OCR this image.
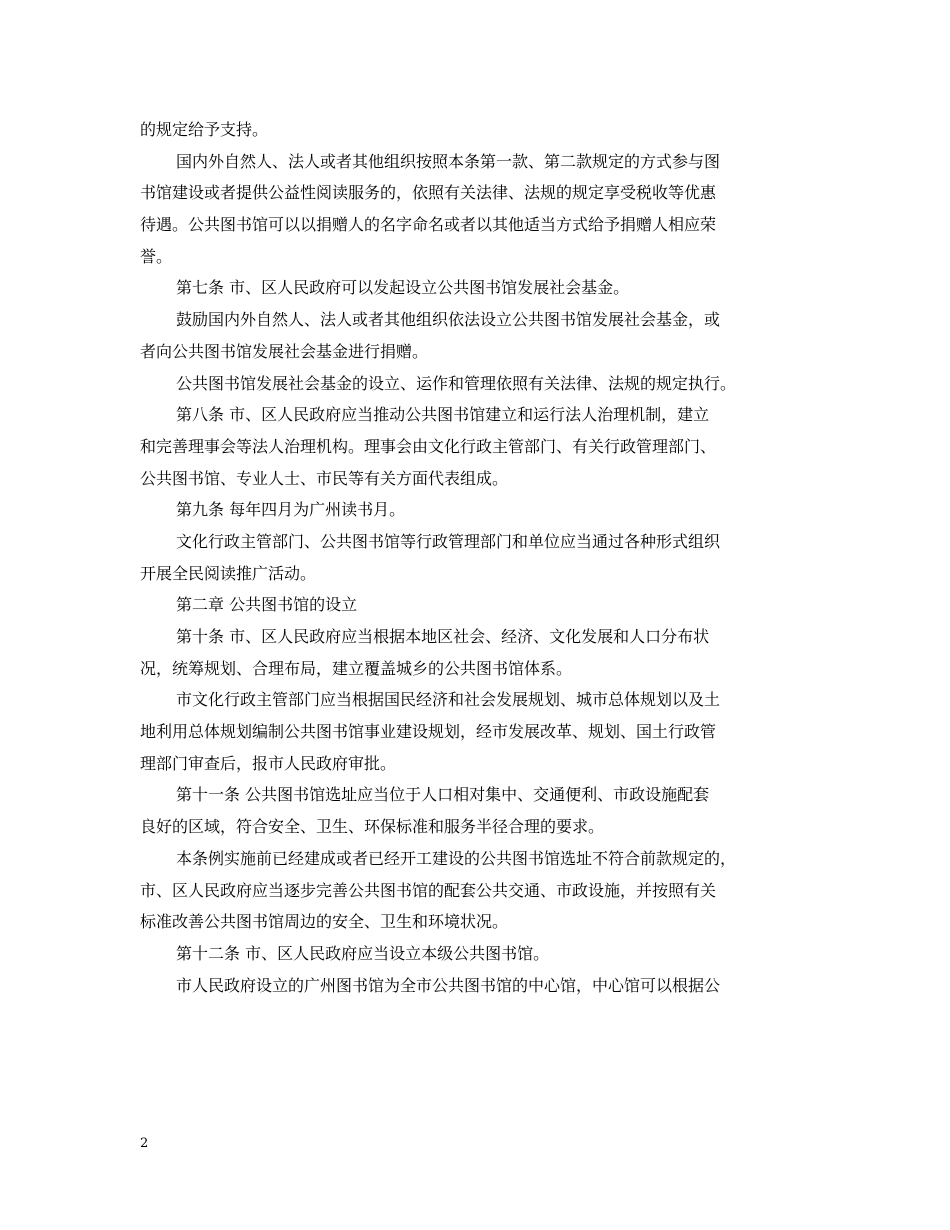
的规定给予支持。
国内外自然人、法人或者其他组织按照本条第一款、第二款规定的方式参与图
书馆建设或者提供公益性阅读服务的，依照有关法律、法规的规定享受税收等优惠
待遇。公共图书馆可以以捐赠人的名字命名或者以其他适当方式给予捐赠人相应荣
誉。
第七条 市、区人民政府可以发起设立公共图书馆发展社会基金。
鼓励国内外自然人、法人或者其他组织依法设立公共图书馆发展社会基金，或
者向公共图书馆发展社会基金进行捐赠。
公共图书馆发展社会基金的设立、运作和管理依照有关法律、法规的规定执行。
第八条 市、区人民政府应当推动公共图书馆建立和运行法人治理机制，建立
和完善理事会等法人治理机构。理事会由文化行政主管部门、有关行政管理部门、
公共图书馆、专业人士、市民等有关方面代表组成。
第九条 每年四月为广州读书月。
文化行政主管部门、公共图书馆等行政管理部门和单位应当通过各种形式组织
开展全民阅读推广活动。
第二章 公共图书馆的设立
第十条 市、区人民政府应当根据本地区社会、经济、文化发展和人口分布状
况，统筹规划、合理布局，建立覆盖城乡的公共图书馆体系。
市文化行政主管部门应当根据国民经济和社会发展规划、城市总体规划以及土
地利用总体规划编制公共图书馆事业建设规划，经市发展改革、规划、国土行政管
理部门审查后，报市人民政府审批。
第十一条 公共图书馆选址应当位于人口相对集中、交通便利、市政设施配套
良好的区域，符合安全、卫生、环保标准和服务半径合理的要求。
本条例实施前已经建成或者已经开工建设的公共图书馆选址不符合前款规定的，
市、区人民政府应当逐步完善公共图书馆的配套公共交通、市政设施，并按照有关
标准改善公共图书馆周边的安全、卫生和环境状况。
第十二条 市、区人民政府应当设立本级公共图书馆。
市人民政府设立的广州图书馆为全市公共图书馆的中心馆，中心馆可以根据公
2
